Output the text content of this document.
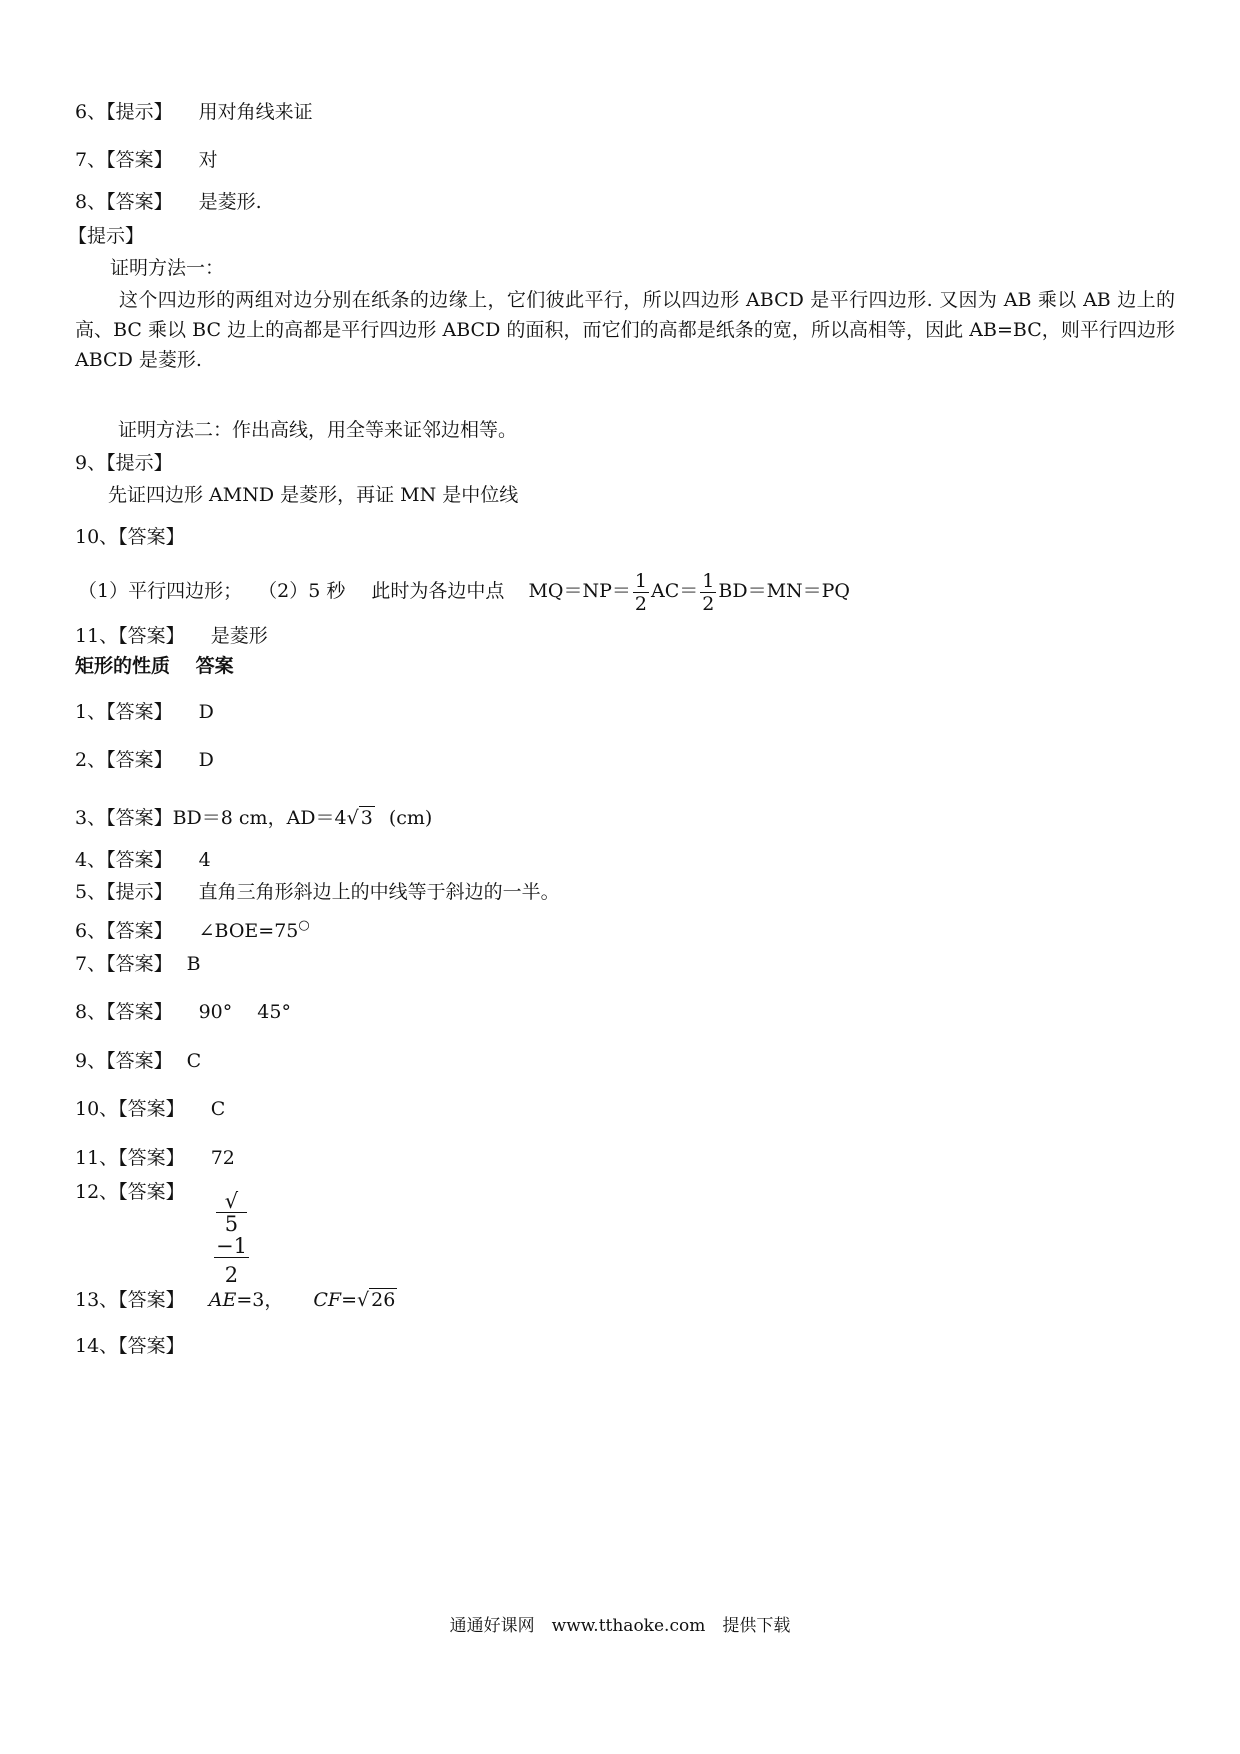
6、【提示】 用对角线来证
7、【答案】 对
8、【答案】 是菱形.
【提示】
证明方法一：

这个四边形的两组对边分别在纸条的边缘上，它们彼此平行，所以四边形 ABCD 是平行四边形. 又因为 AB 乘以 AB 边上的高、BC 乘以 BC 边上的高都是平行四边形 ABCD 的面积，而它们的高都是纸条的宽，所以高相等，因此 AB=BC，则平行四边形 ABCD 是菱形.

证明方法二：作出高线，用全等来证邻边相等。
9、【提示】
先证四边形 AMND 是菱形，再证 MN 是中位线
10、【答案】
（1）平行四边形； （2）5 秒 此时为各边中点 $MQ=NP= \frac{1}{2} AC= \frac{1}{2} BD=MN=PQ$
11、【答案】 是菱形
矩形的性质　 答案
1、【答案】 D
2、【答案】 D
3、【答案】BD＝8 cm，AD＝4√ 3 (cm)
4、【答案】 4
5、【提示】 直角三角形斜边上的中线等于斜边的一半。
6、【答案】 ∠BOE=75○
7、【答案】 B
8、【答案】 90°　 45°
9、【答案】 C
10、【答案】 C
11、【答案】 72
12、【答案】 √
5
−1
2
13、【答案】 AE=3， CF=√ 26
14、【答案】
通通好课网　www.tthaoke.com　提供下载
